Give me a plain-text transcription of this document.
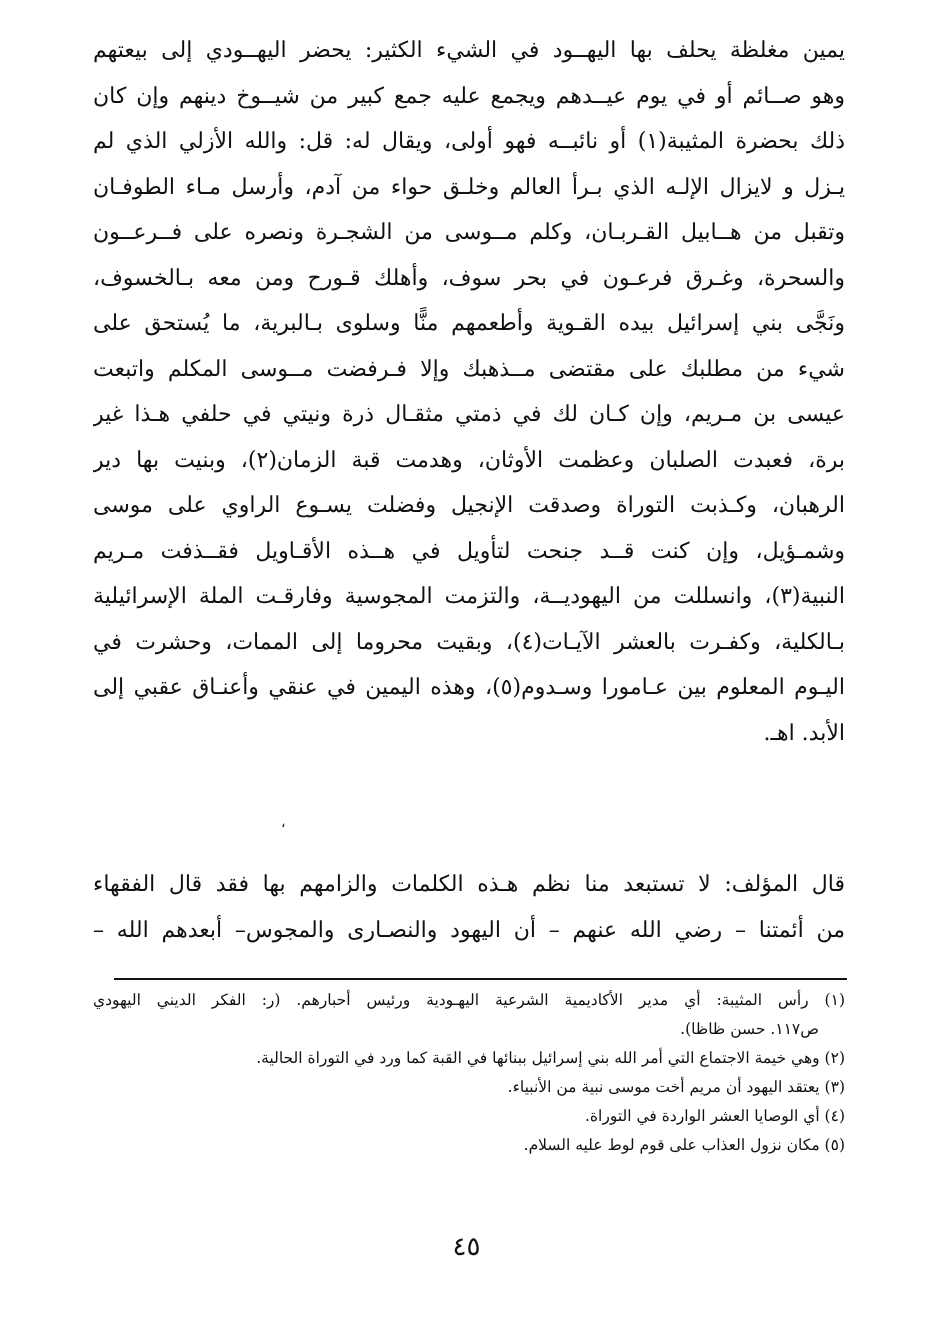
يمين مغلظة يحلف بها اليهــود في الشيء الكثير: يحضر اليهــودي إلى بيعتهم
وهو صــائم أو في يوم عيــدهم ويجمع عليه جمع كبير من شيــوخ دينهم وإن كان
ذلك بحضرة المثيبة(١) أو نائبــه فهو أولى، ويقال له: قل: والله الأزلي الذي لم
يـزل و لايزال الإلـه الذي بـرأ العالم وخلـق حواء من آدم، وأرسل مـاء الطوفـان
وتقبل من هــابيل القـربـان، وكلم مــوسى من الشجـرة ونصره على فــرعــون
والسحرة، وغـرق فرعـون في بحر سوف، وأهلك قـورح ومن معه بـالخسوف،
ونَجَّى بني إسرائيل بيده القـوية وأطعمهم منًّا وسلوى بـالبرية، ما يُستحق على
شيء من مطلبك على مقتضى مــذهبك وإلا فـرفضت مــوسى المكلم واتبعت
عيسى بن مـريم، وإن كـان لك في ذمتي مثقـال ذرة ونيتي في حلفي هـذا غير
برة، فعبدت الصلبان وعظمت الأوثان، وهدمت قبة الزمان(٢)، وبنيت بها دير
الرهبان، وكـذبت التوراة وصدقت الإنجيل وفضلت يسـوع الراوي على موسى
وشمـؤيل، وإن كنت قــد جنحت لتأويل في هــذه الأقـاويل فقــذفت مـريم
النبية(٣)، وانسللت من اليهوديــة، والتزمت المجوسية وفارقـت الملة الإسرائيلية
بـالكلية، وكفـرت بالعشر الآيـات(٤)، وبقيت محروما إلى الممات، وحشرت في
اليـوم المعلوم بين عـامورا وسـدوم(٥)، وهذه اليمين في عنقي وأعنـاق عقبي إلى
الأبد. اهـ.
،
قال المؤلف: لا تستبعد منا نظم هـذه الكلمات والزامهم بها فقد قال الفقهاء
من أئمتنا – رضي الله عنهم – أن اليهود والنصـارى والمجوس– أبعدهم الله –
(١) رأس المثيبة: أي مدير الأكاديمية الشرعية اليهـودية ورئيس أحبارهم. (ر: الفكر الديني اليهودي
ص١١٧. حسن ظاظا).
(٢) وهي خيمة الاجتماع التي أمر الله بني إسرائيل ببنائها في القبة كما ورد في التوراة الحالية.
(٣) يعتقد اليهود أن مريم أخت موسى نبية من الأنبياء.
(٤) أي الوصايا العشر الواردة في التوراة.
(٥) مكان نزول العذاب على قوم لوط عليه السلام.
٤٥
